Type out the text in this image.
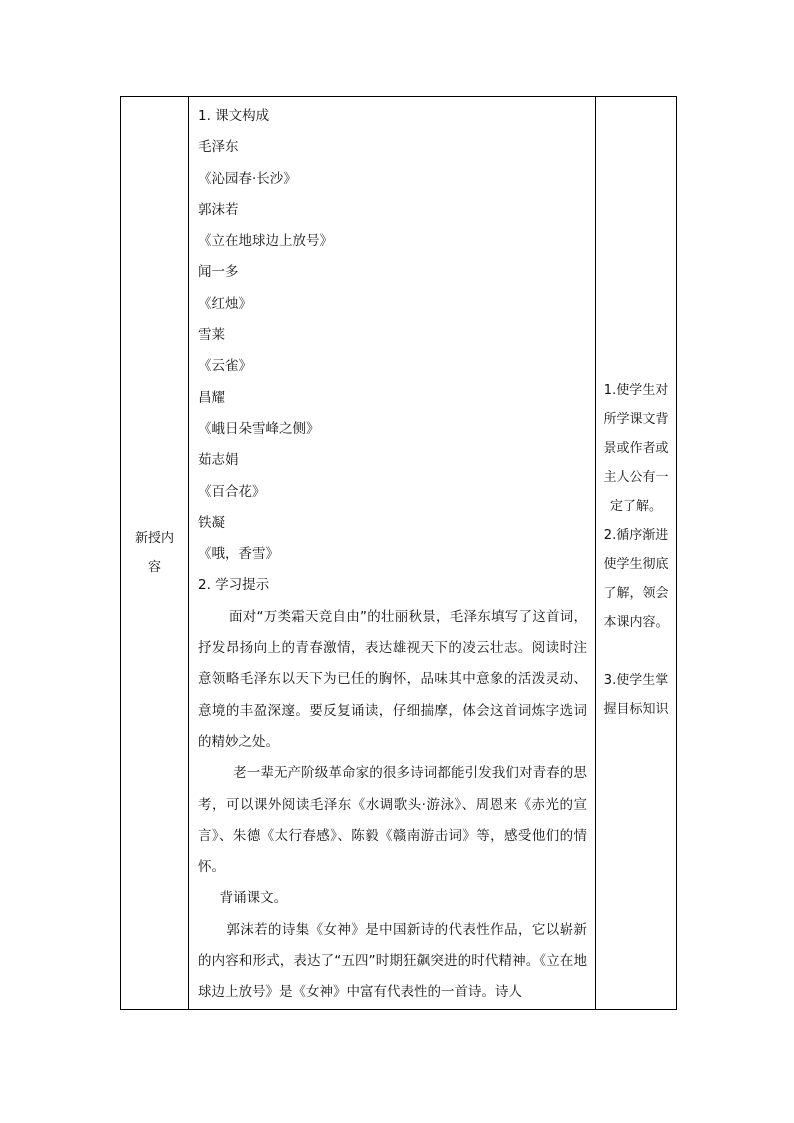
新授内容

1. 课文构成
毛泽东
《沁园春·长沙》
郭沫若
《立在地球边上放号》
闻一多
《红烛》
雪莱
《云雀》
昌耀
《峨日朵雪峰之侧》
茹志娟
《百合花》
铁凝
《哦，香雪》
2. 学习提示

面对“万类霜天竞自由”的壮丽秋景，毛泽东填写了这首词，抒发昂扬向上的青春激情，表达雄视天下的凌云壮志。阅读时注意领略毛泽东以天下为已任的胸怀，品味其中意象的活泼灵动、意境的丰盈深邃。要反复诵读，仔细揣摩，体会这首词炼字选词的精妙之处。

老一辈无产阶级革命家的很多诗词都能引发我们对青春的思考，可以课外阅读毛泽东《水调歌头·游泳》、周恩来《赤光的宣言》、朱德《太行春感》、陈毅《赣南游击词》等，感受他们的情怀。

背诵课文。

郭沫若的诗集《女神》是中国新诗的代表性作品，它以崭新的内容和形式，表达了“五四”时期狂飙突进的时代精神。《立在地球边上放号》是《女神》中富有代表性的一首诗。诗人

1.使学生对所学课文背景或作者或主人公有一定了解。
2.循序渐进使学生彻底了解，领会本课内容。
3.使学生掌握目标知识
